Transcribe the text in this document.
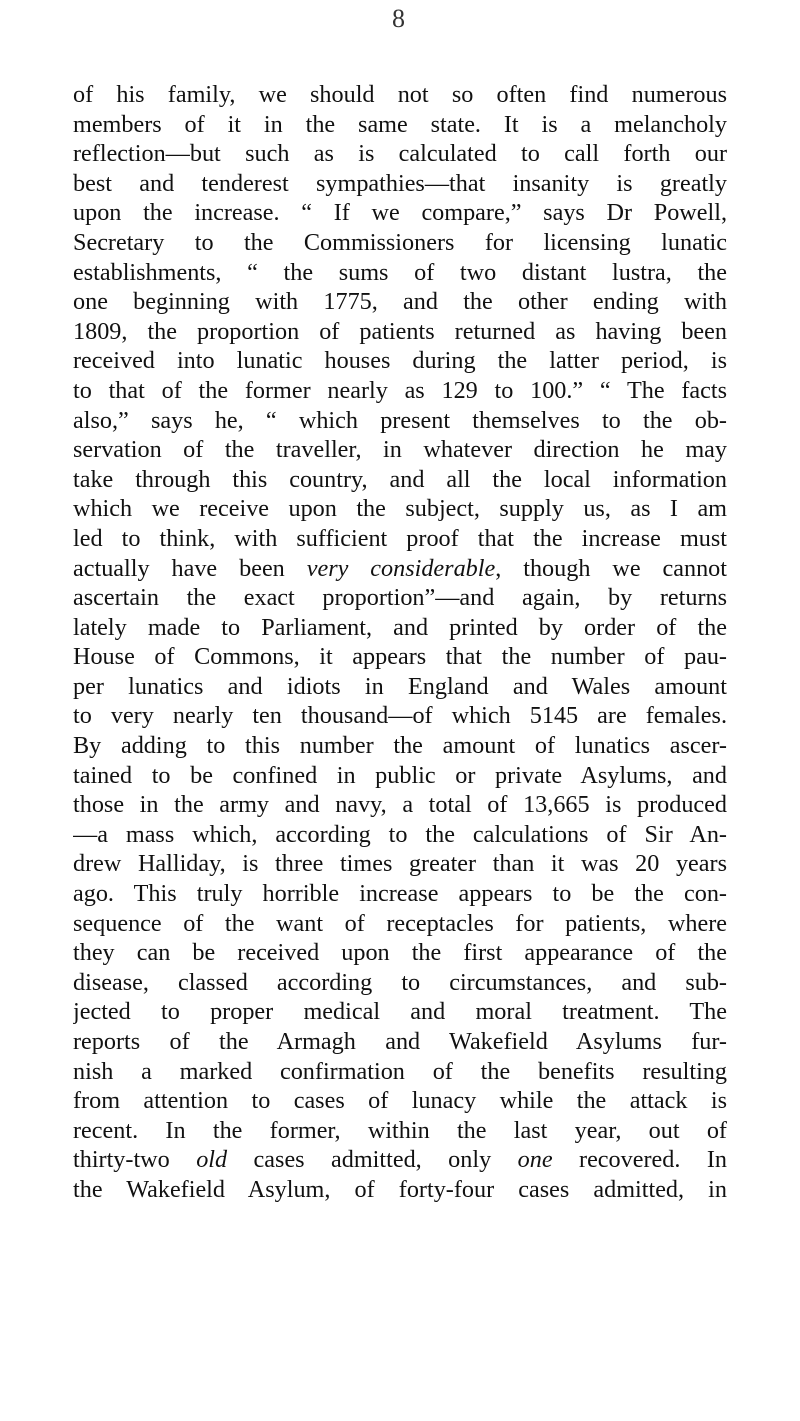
8
of his family, we should not so often find numerous
members of it in the same state. It is a melancholy
reflection—but such as is calculated to call forth our
best and tenderest sympathies—that insanity is greatly
upon the increase. “ If we compare,” says Dr Powell,
Secretary to the Commissioners for licensing lunatic
establishments, “ the sums of two distant lustra, the
one beginning with 1775, and the other ending with
1809, the proportion of patients returned as having been
received into lunatic houses during the latter period, is
to that of the former nearly as 129 to 100.” “ The facts
also,” says he, “ which present themselves to the ob-
servation of the traveller, in whatever direction he may
take through this country, and all the local information
which we receive upon the subject, supply us, as I am
led to think, with sufficient proof that the increase must
actually have been very considerable, though we cannot
ascertain the exact proportion”—and again, by returns
lately made to Parliament, and printed by order of the
House of Commons, it appears that the number of pau-
per lunatics and idiots in England and Wales amount
to very nearly ten thousand—of which 5145 are females.
By adding to this number the amount of lunatics ascer-
tained to be confined in public or private Asylums, and
those in the army and navy, a total of 13,665 is produced
—a mass which, according to the calculations of Sir An-
drew Halliday, is three times greater than it was 20 years
ago. This truly horrible increase appears to be the con-
sequence of the want of receptacles for patients, where
they can be received upon the first appearance of the
disease, classed according to circumstances, and sub-
jected to proper medical and moral treatment. The
reports of the Armagh and Wakefield Asylums fur-
nish a marked confirmation of the benefits resulting
from attention to cases of lunacy while the attack is
recent. In the former, within the last year, out of
thirty-two old cases admitted, only one recovered. In
the Wakefield Asylum, of forty-four cases admitted, in
